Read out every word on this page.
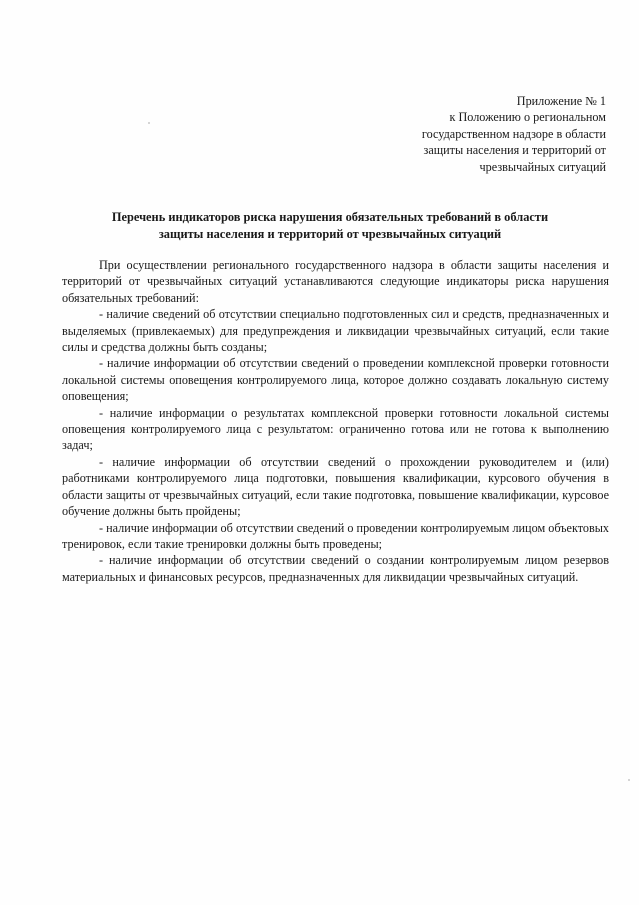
Приложение № 1
к Положению о региональном
государственном надзоре в области
защиты населения и территорий от
чрезвычайных ситуаций
Перечень индикаторов риска нарушения обязательных требований в области
защиты населения и территорий от чрезвычайных ситуаций

При осуществлении регионального государственного надзора в области защиты населения и территорий от чрезвычайных ситуаций устанавливаются следующие индикаторы риска нарушения обязательных требований:

- наличие сведений об отсутствии специально подготовленных сил и средств, предназначенных и выделяемых (привлекаемых) для предупреждения и ликвидации чрезвычайных ситуаций, если такие силы и средства должны быть созданы;

- наличие информации об отсутствии сведений о проведении комплексной проверки готовности локальной системы оповещения контролируемого лица, которое должно создавать локальную систему оповещения;

- наличие информации о результатах комплексной проверки готовности локальной системы оповещения контролируемого лица с результатом: ограниченно готова или не готова к выполнению задач;

- наличие информации об отсутствии сведений о прохождении руководителем и (или) работниками контролируемого лица подготовки, повышения квалификации, курсового обучения в области защиты от чрезвычайных ситуаций, если такие подготовка, повышение квалификации, курсовое обучение должны быть пройдены;

- наличие информации об отсутствии сведений о проведении контролируемым лицом объектовых тренировок, если такие тренировки должны быть проведены;

- наличие информации об отсутствии сведений о создании контролируемым лицом резервов материальных и финансовых ресурсов, предназначенных для ликвидации чрезвычайных ситуаций.
